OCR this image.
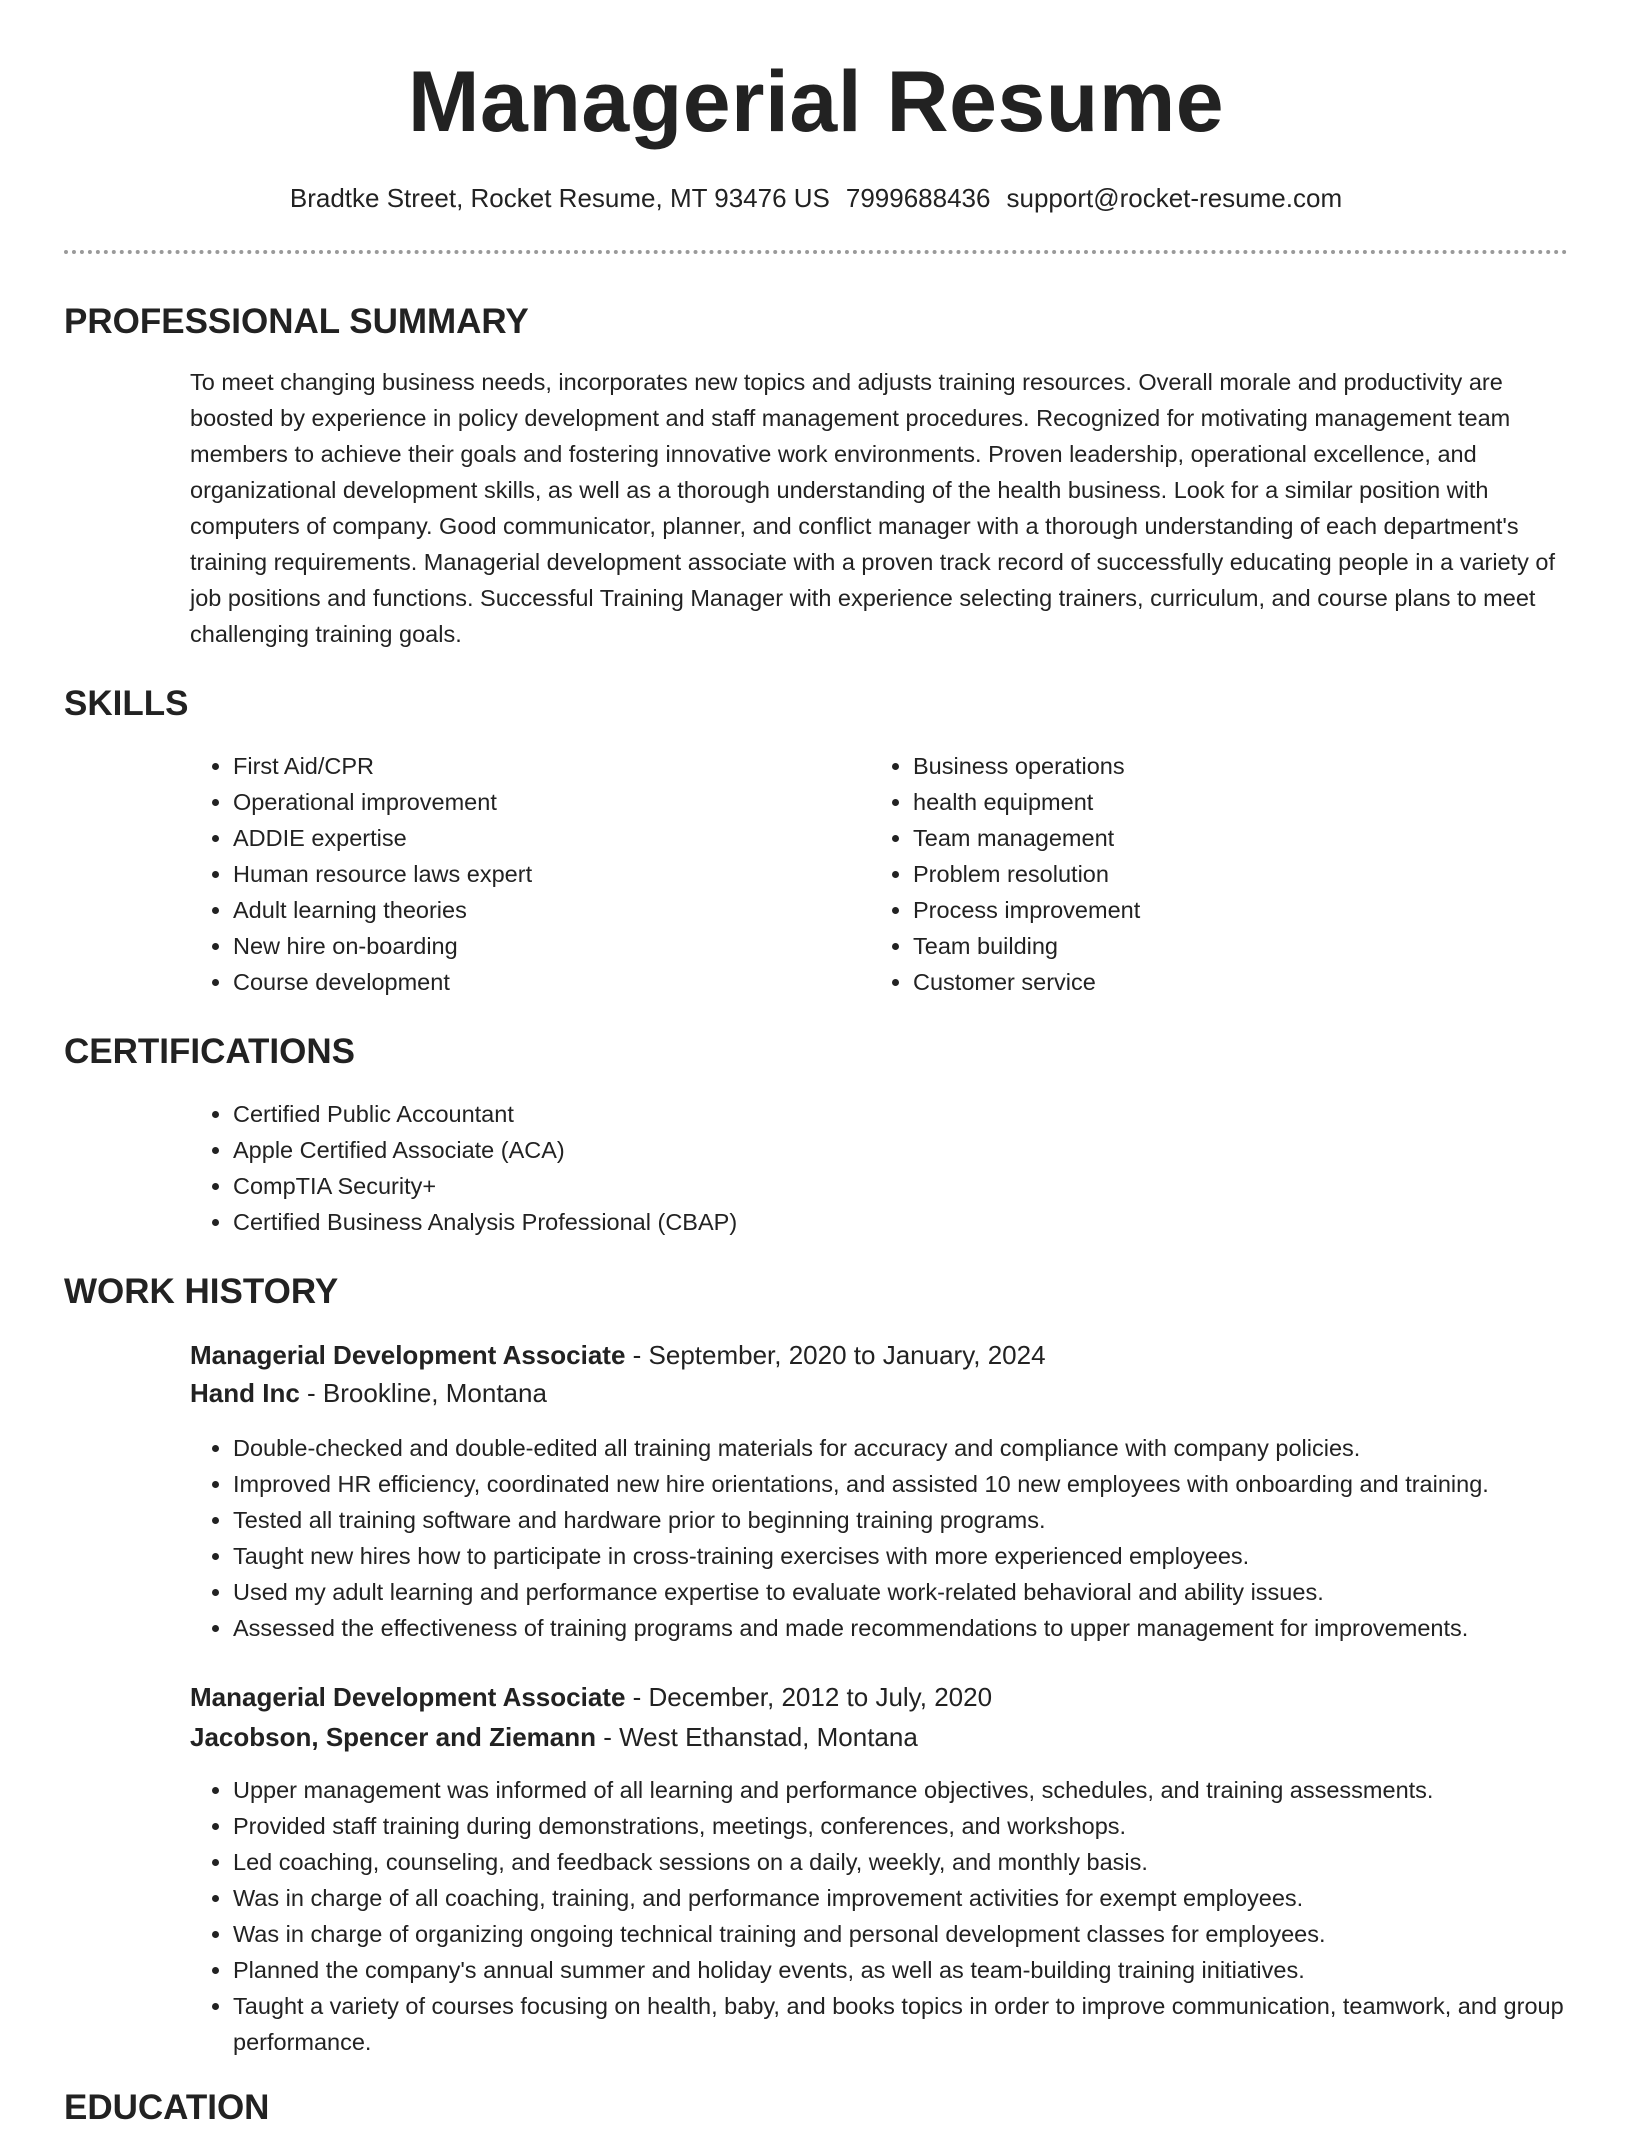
Managerial Resume
Bradtke Street, Rocket Resume, MT 93476 US 7999688436 support@rocket-resume.com
PROFESSIONAL SUMMARY
To meet changing business needs, incorporates new topics and adjusts training resources. Overall morale and productivity are boosted by experience in policy development and staff management procedures. Recognized for motivating management team members to achieve their goals and fostering innovative work environments. Proven leadership, operational excellence, and organizational development skills, as well as a thorough understanding of the health business. Look for a similar position with computers of company. Good communicator, planner, and conflict manager with a thorough understanding of each department's training requirements. Managerial development associate with a proven track record of successfully educating people in a variety of job positions and functions. Successful Training Manager with experience selecting trainers, curriculum, and course plans to meet challenging training goals.
SKILLS
• First Aid/CPR
• Operational improvement
• ADDIE expertise
• Human resource laws expert
• Adult learning theories
• New hire on-boarding
• Course development
• Business operations
• health equipment
• Team management
• Problem resolution
• Process improvement
• Team building
• Customer service
CERTIFICATIONS
• Certified Public Accountant
• Apple Certified Associate (ACA)
• CompTIA Security+
• Certified Business Analysis Professional (CBAP)
WORK HISTORY
Managerial Development Associate - September, 2020 to January, 2024
Hand Inc - Brookline, Montana
• Double-checked and double-edited all training materials for accuracy and compliance with company policies.
• Improved HR efficiency, coordinated new hire orientations, and assisted 10 new employees with onboarding and training.
• Tested all training software and hardware prior to beginning training programs.
• Taught new hires how to participate in cross-training exercises with more experienced employees.
• Used my adult learning and performance expertise to evaluate work-related behavioral and ability issues.
• Assessed the effectiveness of training programs and made recommendations to upper management for improvements.
Managerial Development Associate - December, 2012 to July, 2020
Jacobson, Spencer and Ziemann - West Ethanstad, Montana
• Upper management was informed of all learning and performance objectives, schedules, and training assessments.
• Provided staff training during demonstrations, meetings, conferences, and workshops.
• Led coaching, counseling, and feedback sessions on a daily, weekly, and monthly basis.
• Was in charge of all coaching, training, and performance improvement activities for exempt employees.
• Was in charge of organizing ongoing technical training and personal development classes for employees.
• Planned the company's annual summer and holiday events, as well as team-building training initiatives.
• Taught a variety of courses focusing on health, baby, and books topics in order to improve communication, teamwork, and group performance.
EDUCATION
